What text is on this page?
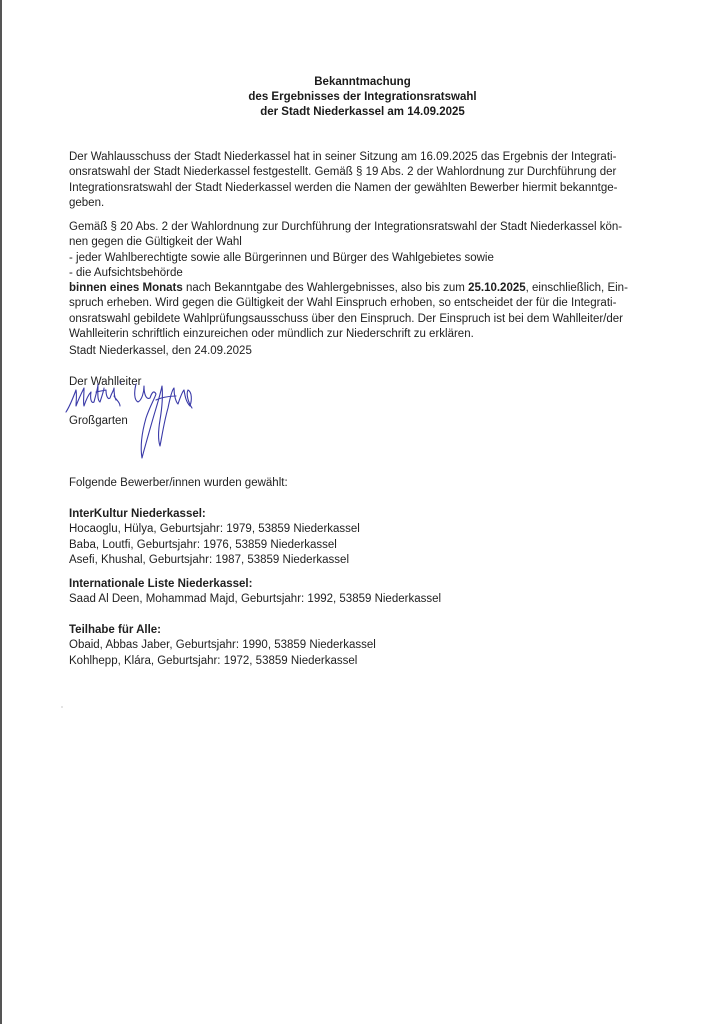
Bekanntmachung
des Ergebnisses der Integrationsratswahl
der Stadt Niederkassel am 14.09.2025
Der Wahlausschuss der Stadt Niederkassel hat in seiner Sitzung am 16.09.2025 das Ergebnis der Integrati-
onsratswahl der Stadt Niederkassel festgestellt. Gemäß § 19 Abs. 2 der Wahlordnung zur Durchführung der
Integrationsratswahl der Stadt Niederkassel werden die Namen der gewählten Bewerber hiermit bekanntge-
geben.
Gemäß § 20 Abs. 2 der Wahlordnung zur Durchführung der Integrationsratswahl der Stadt Niederkassel kön-
nen gegen die Gültigkeit der Wahl
- jeder Wahlberechtigte sowie alle Bürgerinnen und Bürger des Wahlgebietes sowie
- die Aufsichtsbehörde
binnen eines Monats nach Bekanntgabe des Wahlergebnisses, also bis zum 25.10.2025, einschließlich, Ein-
spruch erheben. Wird gegen die Gültigkeit der Wahl Einspruch erhoben, so entscheidet der für die Integrati-
onsratswahl gebildete Wahlprüfungsausschuss über den Einspruch. Der Einspruch ist bei dem Wahlleiter/der
Wahlleiterin schriftlich einzureichen oder mündlich zur Niederschrift zu erklären.
Stadt Niederkassel, den 24.09.2025
Der Wahlleiter
Großgarten
Folgende Bewerber/innen wurden gewählt:
InterKultur Niederkassel:
Hocaoglu, Hülya, Geburtsjahr: 1979, 53859 Niederkassel
Baba, Loutfi, Geburtsjahr: 1976, 53859 Niederkassel
Asefi, Khushal, Geburtsjahr: 1987, 53859 Niederkassel
Internationale Liste Niederkassel:
Saad Al Deen, Mohammad Majd, Geburtsjahr: 1992, 53859 Niederkassel
Teilhabe für Alle:
Obaid, Abbas Jaber, Geburtsjahr: 1990, 53859 Niederkassel
Kohlhepp, Klára, Geburtsjahr: 1972, 53859 Niederkassel
